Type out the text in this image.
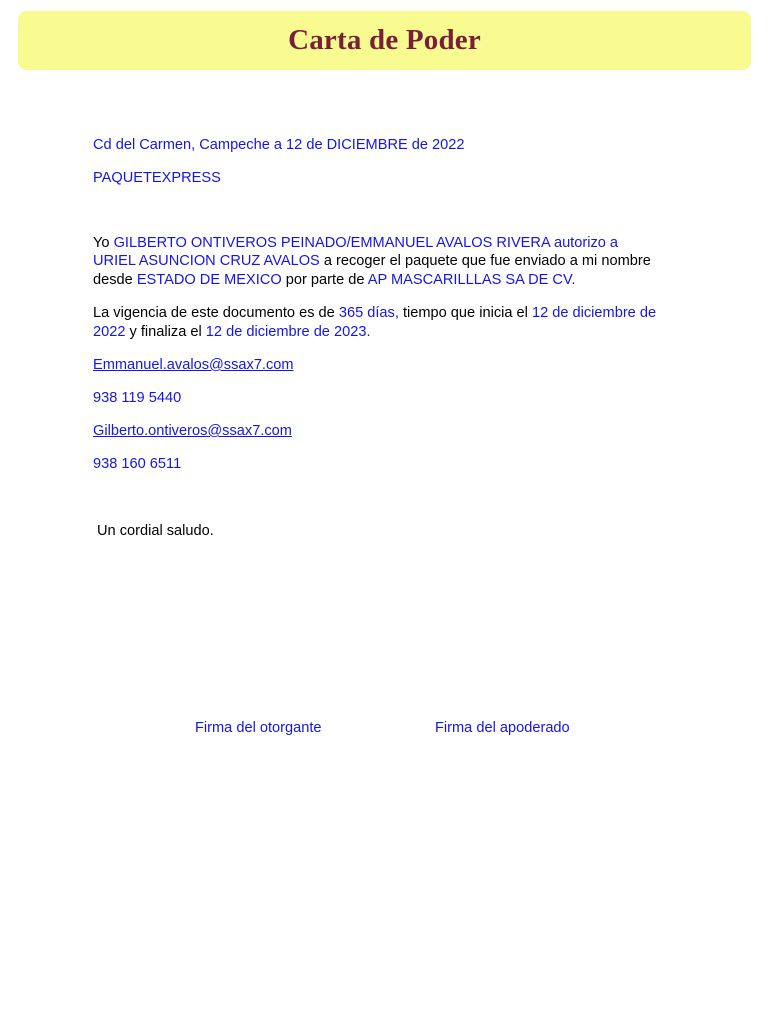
Carta de Poder
Cd del Carmen, Campeche a 12 de DICIEMBRE de 2022
PAQUETEXPRESS
Yo GILBERTO ONTIVEROS PEINADO/EMMANUEL AVALOS RIVERA autorizo a
URIEL ASUNCION CRUZ AVALOS a recoger el paquete que fue enviado a mi nombre
desde ESTADO DE MEXICO por parte de AP MASCARILLLAS SA DE CV.
La vigencia de este documento es de 365 días, tiempo que inicia el 12 de diciembre de
2022 y finaliza el 12 de diciembre de 2023.
Emmanuel.avalos@ssax7.com
938 119 5440
Gilberto.ontiveros@ssax7.com
938 160 6511
Un cordial saludo.
Firma del otorgante	Firma del apoderado
